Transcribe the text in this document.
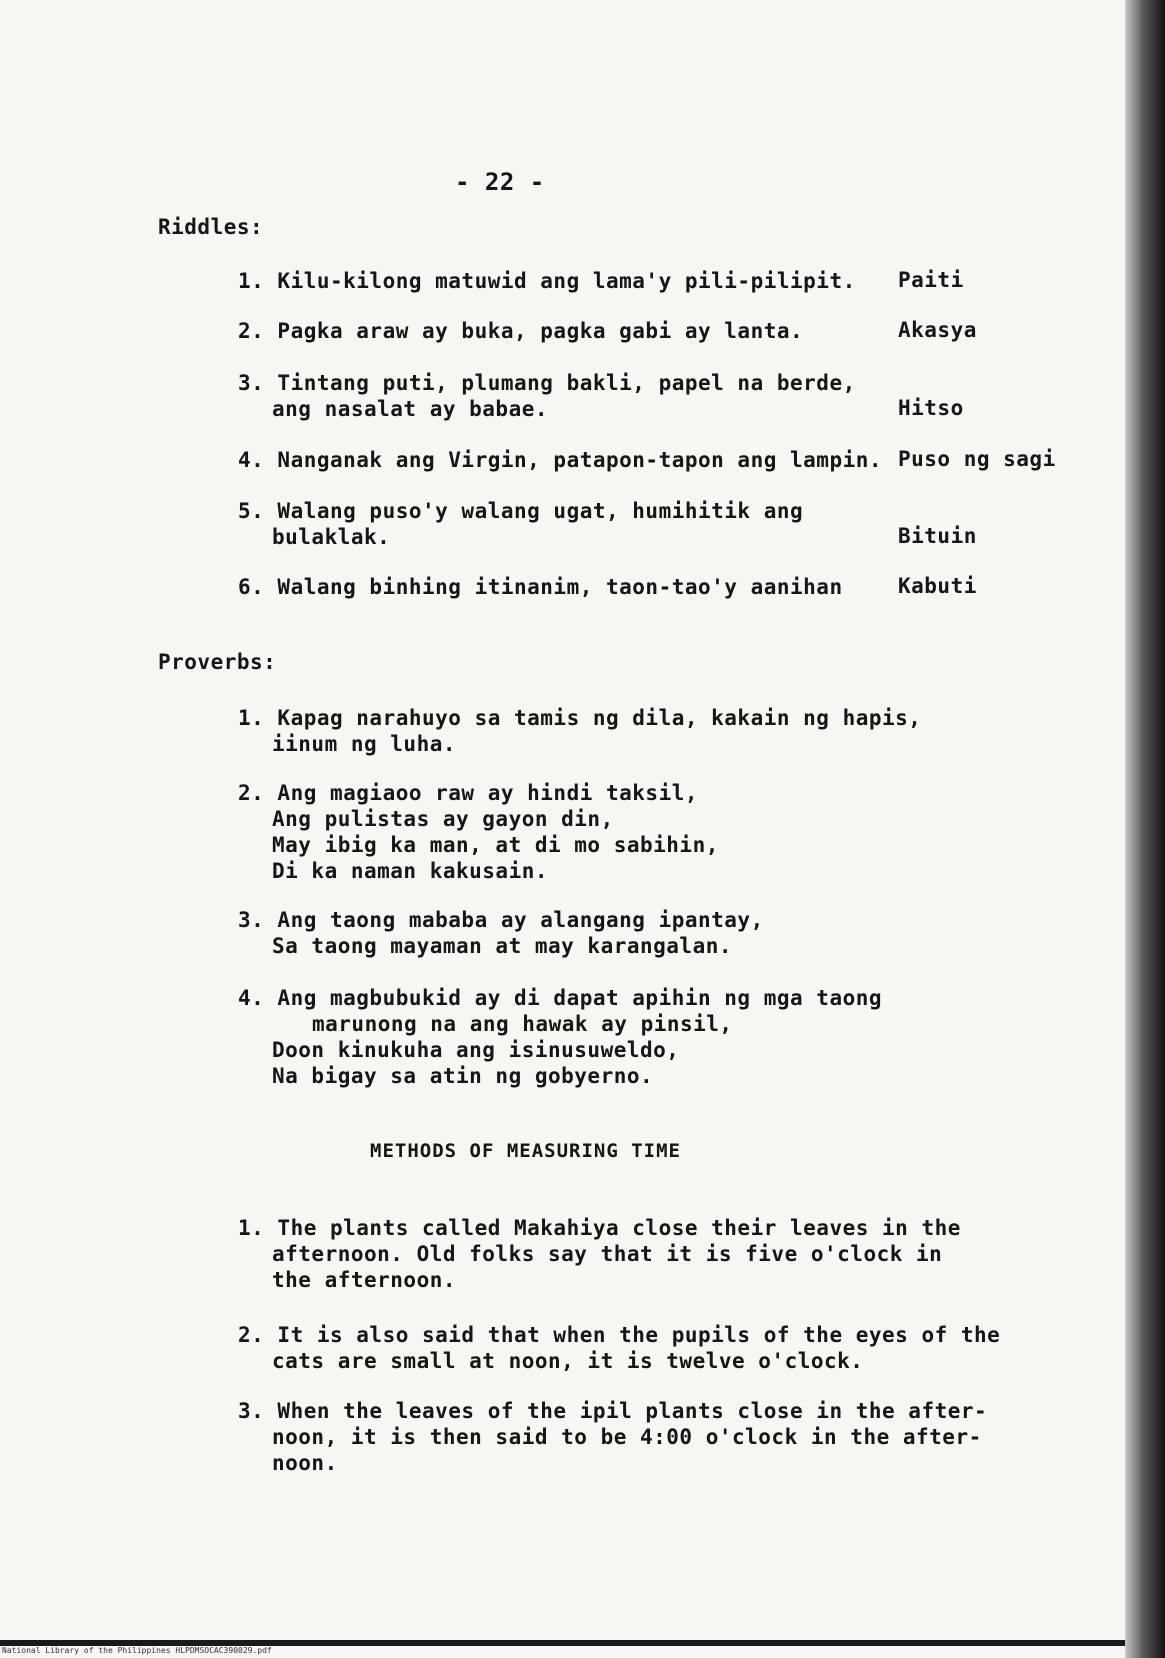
- 22 -

Riddles:

1. Kilu-kilong matuwid ang lama'y pili-pilipit. Paiti

2. Pagka araw ay buka, pagka gabi ay lanta.	Akasya

3. Tintang puti, plumang bakli, papel na berde,

ang nasalat ay babae.	Hitso

4. Nanganak ang Virgin, patapon-tapon ang lampin. Puso ng sagi

5. Walang puso'y walang ugat, humihitik ang

bulaklak.	Bituin

6. Walang binhing itinanim, taon-tao'y aanihan	Kabuti

Proverbs:

1. Kapag narahuyo sa tamis ng dila, kakain ng hapis,

iinum ng luha.

2. Ang magiaoo raw ay hindi taksil,

Ang pulistas ay gayon din,

May ibig ka man, at di mo sabihin,

Di ka naman kakusain.

3. Ang taong mababa ay alangang ipantay,

Sa taong mayaman at may karangalan.

4. Ang magbubukid ay di dapat apihin ng mga taong

marunong na ang hawak ay pinsil,

Doon kinukuha ang isinusuweldo,

Na bigay sa atin ng gobyerno.

METHODS OF MEASURING TIME

1. The plants called Makahiya close their leaves in the

afternoon. Old folks say that it is five o'clock in

the afternoon.

2. It is also said that when the pupils of the eyes of the

cats are small at noon, it is twelve o'clock.

3. When the leaves of the ipil plants close in the after-

noon, it is then said to be 4:00 o'clock in the after-

noon.

National Library of the Philippines HLPDMSOCAC390029.pdf
